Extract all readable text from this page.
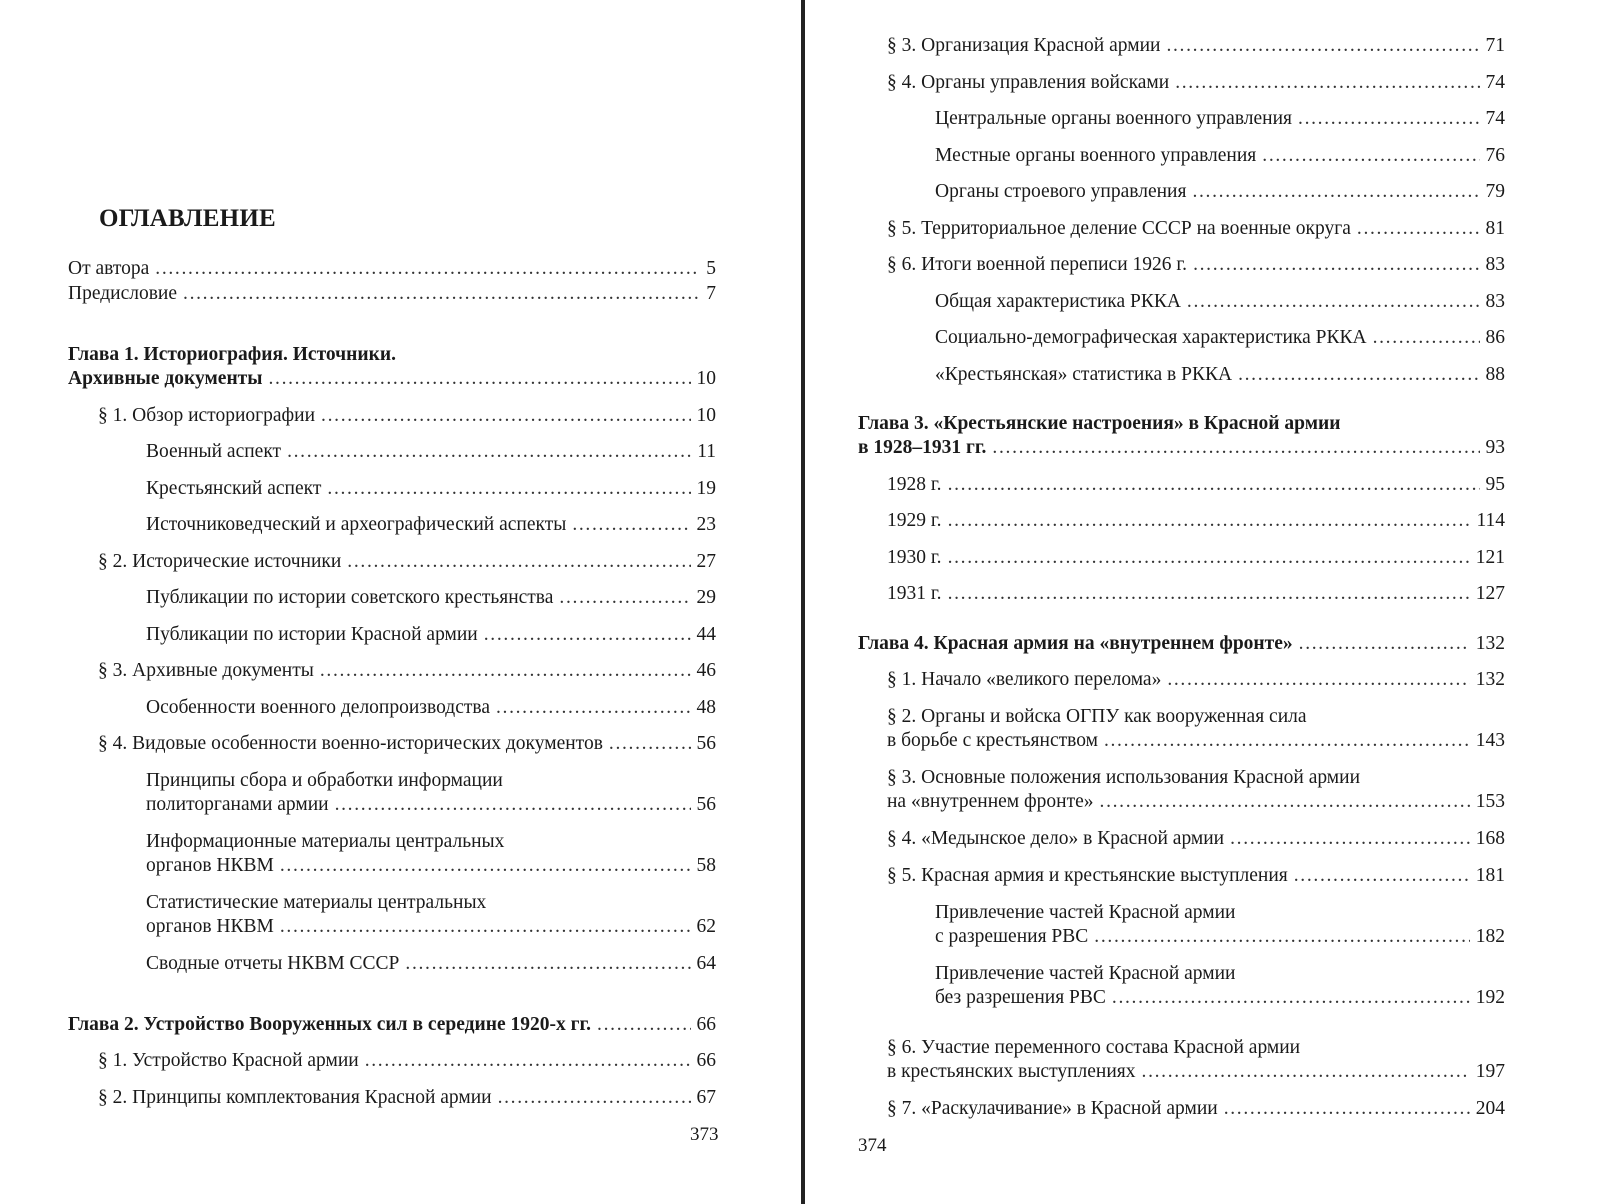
ОГЛАВЛЕНИЕ
От автора . . .	5
Предисловие . . .	7
Глава 1. Историография. Источники.
Архивные документы . . .	10
§ 1. Обзор историографии . . .	10
Военный аспект . . .	11
Крестьянский аспект . . .	19
Источниковедческий и археографический аспекты . . .	23
§ 2. Исторические источники . . .	27
Публикации по истории советского крестьянства . . .	29
Публикации по истории Красной армии . . .	44
§ 3. Архивные документы . . .	46
Особенности военного делопроизводства . . .	48
§ 4. Видовые особенности военно-исторических документов . . .	56
Принципы сбора и обработки информации
политорганами армии . . .	56
Информационные материалы центральных
органов НКВМ . . .	58
Статистические материалы центральных
органов НКВМ . . .	62
Сводные отчеты НКВМ СССР . . .	64
Глава 2. Устройство Вооруженных сил в середине 1920-х гг. . . .	66
§ 1. Устройство Красной армии . . .	66
§ 2. Принципы комплектования Красной армии . . .	67
373
§ 3. Организация Красной армии . . .	71
§ 4. Органы управления войсками . . .	74
Центральные органы военного управления . . .	74
Местные органы военного управления . . .	76
Органы строевого управления . . .	79
§ 5. Территориальное деление СССР на военные округа . . .	81
§ 6. Итоги военной переписи 1926 г. . . .	83
Общая характеристика РККА . . .	83
Социально-демографическая характеристика РККА . . .	86
«Крестьянская» статистика в РККА . . .	88
Глава 3. «Крестьянские настроения» в Красной армии
в 1928–1931 гг. . . .	93
1928 г. . . .	95
1929 г. . . .	114
1930 г. . . .	121
1931 г. . . .	127
Глава 4. Красная армия на «внутреннем фронте» . . .	132
§ 1. Начало «великого перелома» . . .	132
§ 2. Органы и войска ОГПУ как вооруженная сила
в борьбе с крестьянством . . .	143
§ 3. Основные положения использования Красной армии
на «внутреннем фронте» . . .	153
§ 4. «Медынское дело» в Красной армии . . .	168
§ 5. Красная армия и крестьянские выступления . . .	181
Привлечение частей Красной армии
с разрешения РВС . . .	182
Привлечение частей Красной армии
без разрешения РВС . . .	192
§ 6. Участие переменного состава Красной армии
в крестьянских выступлениях . . .	197
§ 7. «Раскулачивание» в Красной армии . . .	204
374
